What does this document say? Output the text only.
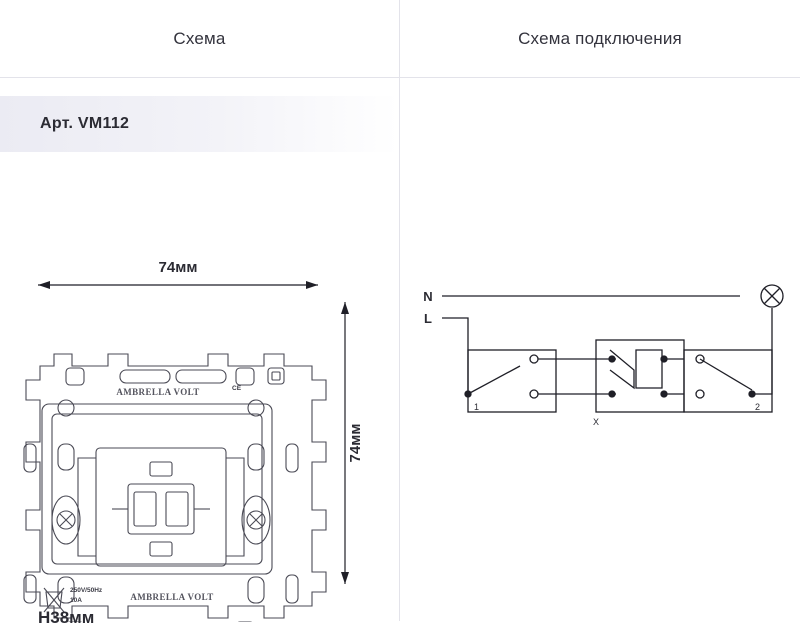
Схема	Схема подключения
Арт. VM112
74мм
74мм
AMBRELLA VOLT
AMBRELLA VOLT
250V/50Hz
10A
CE
H38мм
N
L
1	2
X
